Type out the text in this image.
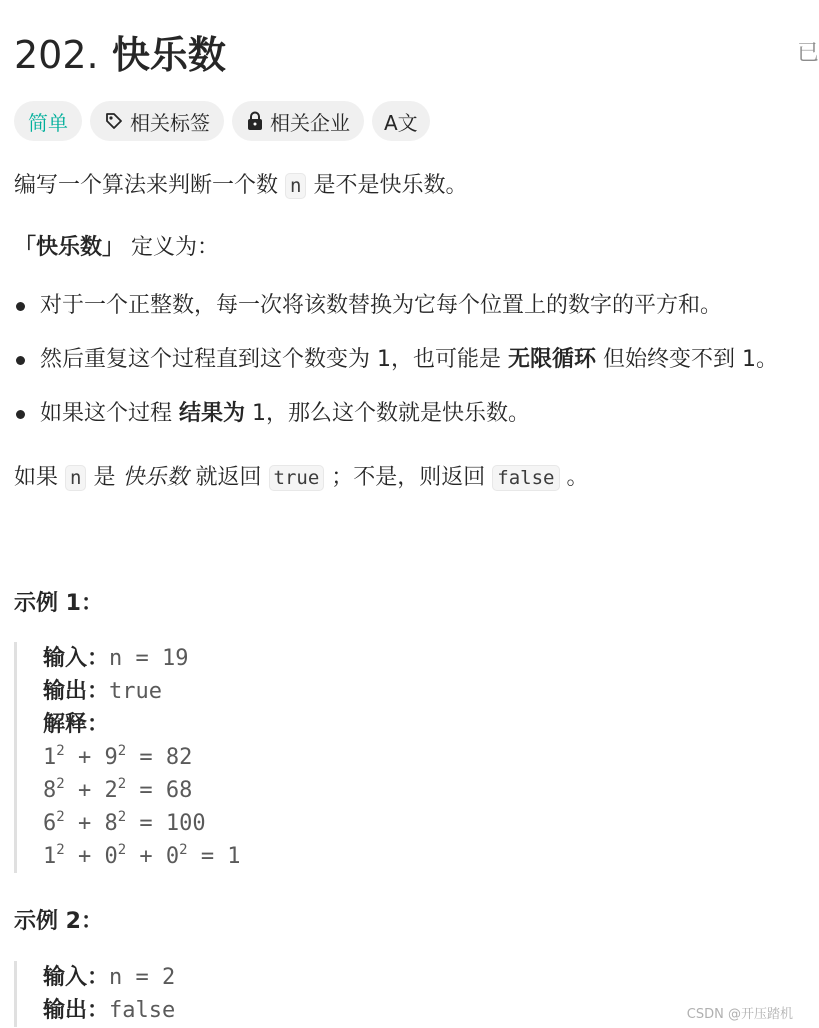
202. 快乐数	已
简单	相关标签	相关企业 A文
编写一个算法来判断一个数 n 是不是快乐数。
「快乐数」 定义为：
对于一个正整数，每一次将该数替换为它每个位置上的数字的平方和。
然后重复这个过程直到这个数变为 1，也可能是 无限循环 但始终变不到 1。
如果这个过程 结果为 1，那么这个数就是快乐数。
如果 n 是 快乐数 就返回 true ；不是，则返回 false 。
示例 1：
输入：n = 19
输出：true
解释：
$1^2 + 9^2 = 82$
$8^2 + 2^2 = 68$
$6^2 + 8^2 = 100$
$1^2 + 0^2 + 0^2 = 1$
示例 2：
输入：n = 2
输出：false	CSDN @开压踏机
